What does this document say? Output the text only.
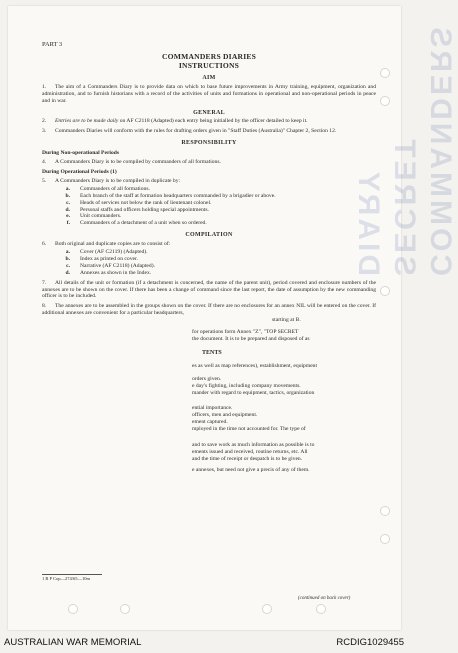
COMMANDERS
SECRET
DIARY
PART 3
COMMANDERS DIARIES
INSTRUCTIONS
AIM

1. The aim of a Commanders Diary is to provide data on which to base future improvements in Army training, equipment, organization and administration, and to furnish historians with a record of the activities of units and formations in operational and non-operational periods in peace and in war.

GENERAL

2. Entries are to be made daily on AF C2118 (Adapted) each entry being initialled by the officer detailed to keep it.

3. Commanders Diaries will conform with the rules for drafting orders given in "Staff Duties (Australia)" Chapter 2, Section 12.

RESPONSIBILITY
During Non-operational Periods

4. A Commanders Diary is to be compiled by commanders of all formations.

During Operational Periods (1)

5. A Commanders Diary is to be compiled in duplicate by:

a.	Commanders of all formations.
b.	Each branch of the staff at formation headquarters commanded by a brigadier or above.
c.	Heads of services not below the rank of lieutenant colonel.
d.	Personal staffs and officers holding special appointments.
e.	Unit commanders.
f.	Commanders of a detachment of a unit when so ordered.
COMPILATION

6. Both original and duplicate copies are to consist of:

a.	Cover (AF C2119) (Adapted).
b.	Index as printed on cover.
c.	Narrative (AF C2118) (Adapted).
d.	Annexes as shown in the Index.

7. All details of the unit or formation (if a detachment is concerned, the name of the parent unit), period covered and enclosure numbers of the annexes are to be shown on the cover. If there has been a change of command since the last report, the date of assumption by the new commanding officer is to be included.

8. The annexes are to be assembled in the groups shown on the cover. If there are no enclosures for an annex NIL will be entered on the cover. If additional annexes are convenient for a particular headquarters,

starting at B.

for operations form Annex "Z", "TOP SECRET

the document. It is to be prepared and disposed of as

TENTS

es as well as map references), establishment, equipment

orders given.

e day's fighting, including company movements.

mander with regard to equipment, tactics, organization

ential importance.

officers, men and equipment.

ement captured.

mployed in the time not accounted for. The type of

and to save work as much information as possible is to

ements issued and received, routine returns, etc. All

and the time of receipt or despatch is to be given.

e annexes, but need not give a precis of any of them.

1 R P Cop—274/65—10m
(continued on back cover)
AUSTRALIAN WAR MEMORIAL	RCDIG1029455
